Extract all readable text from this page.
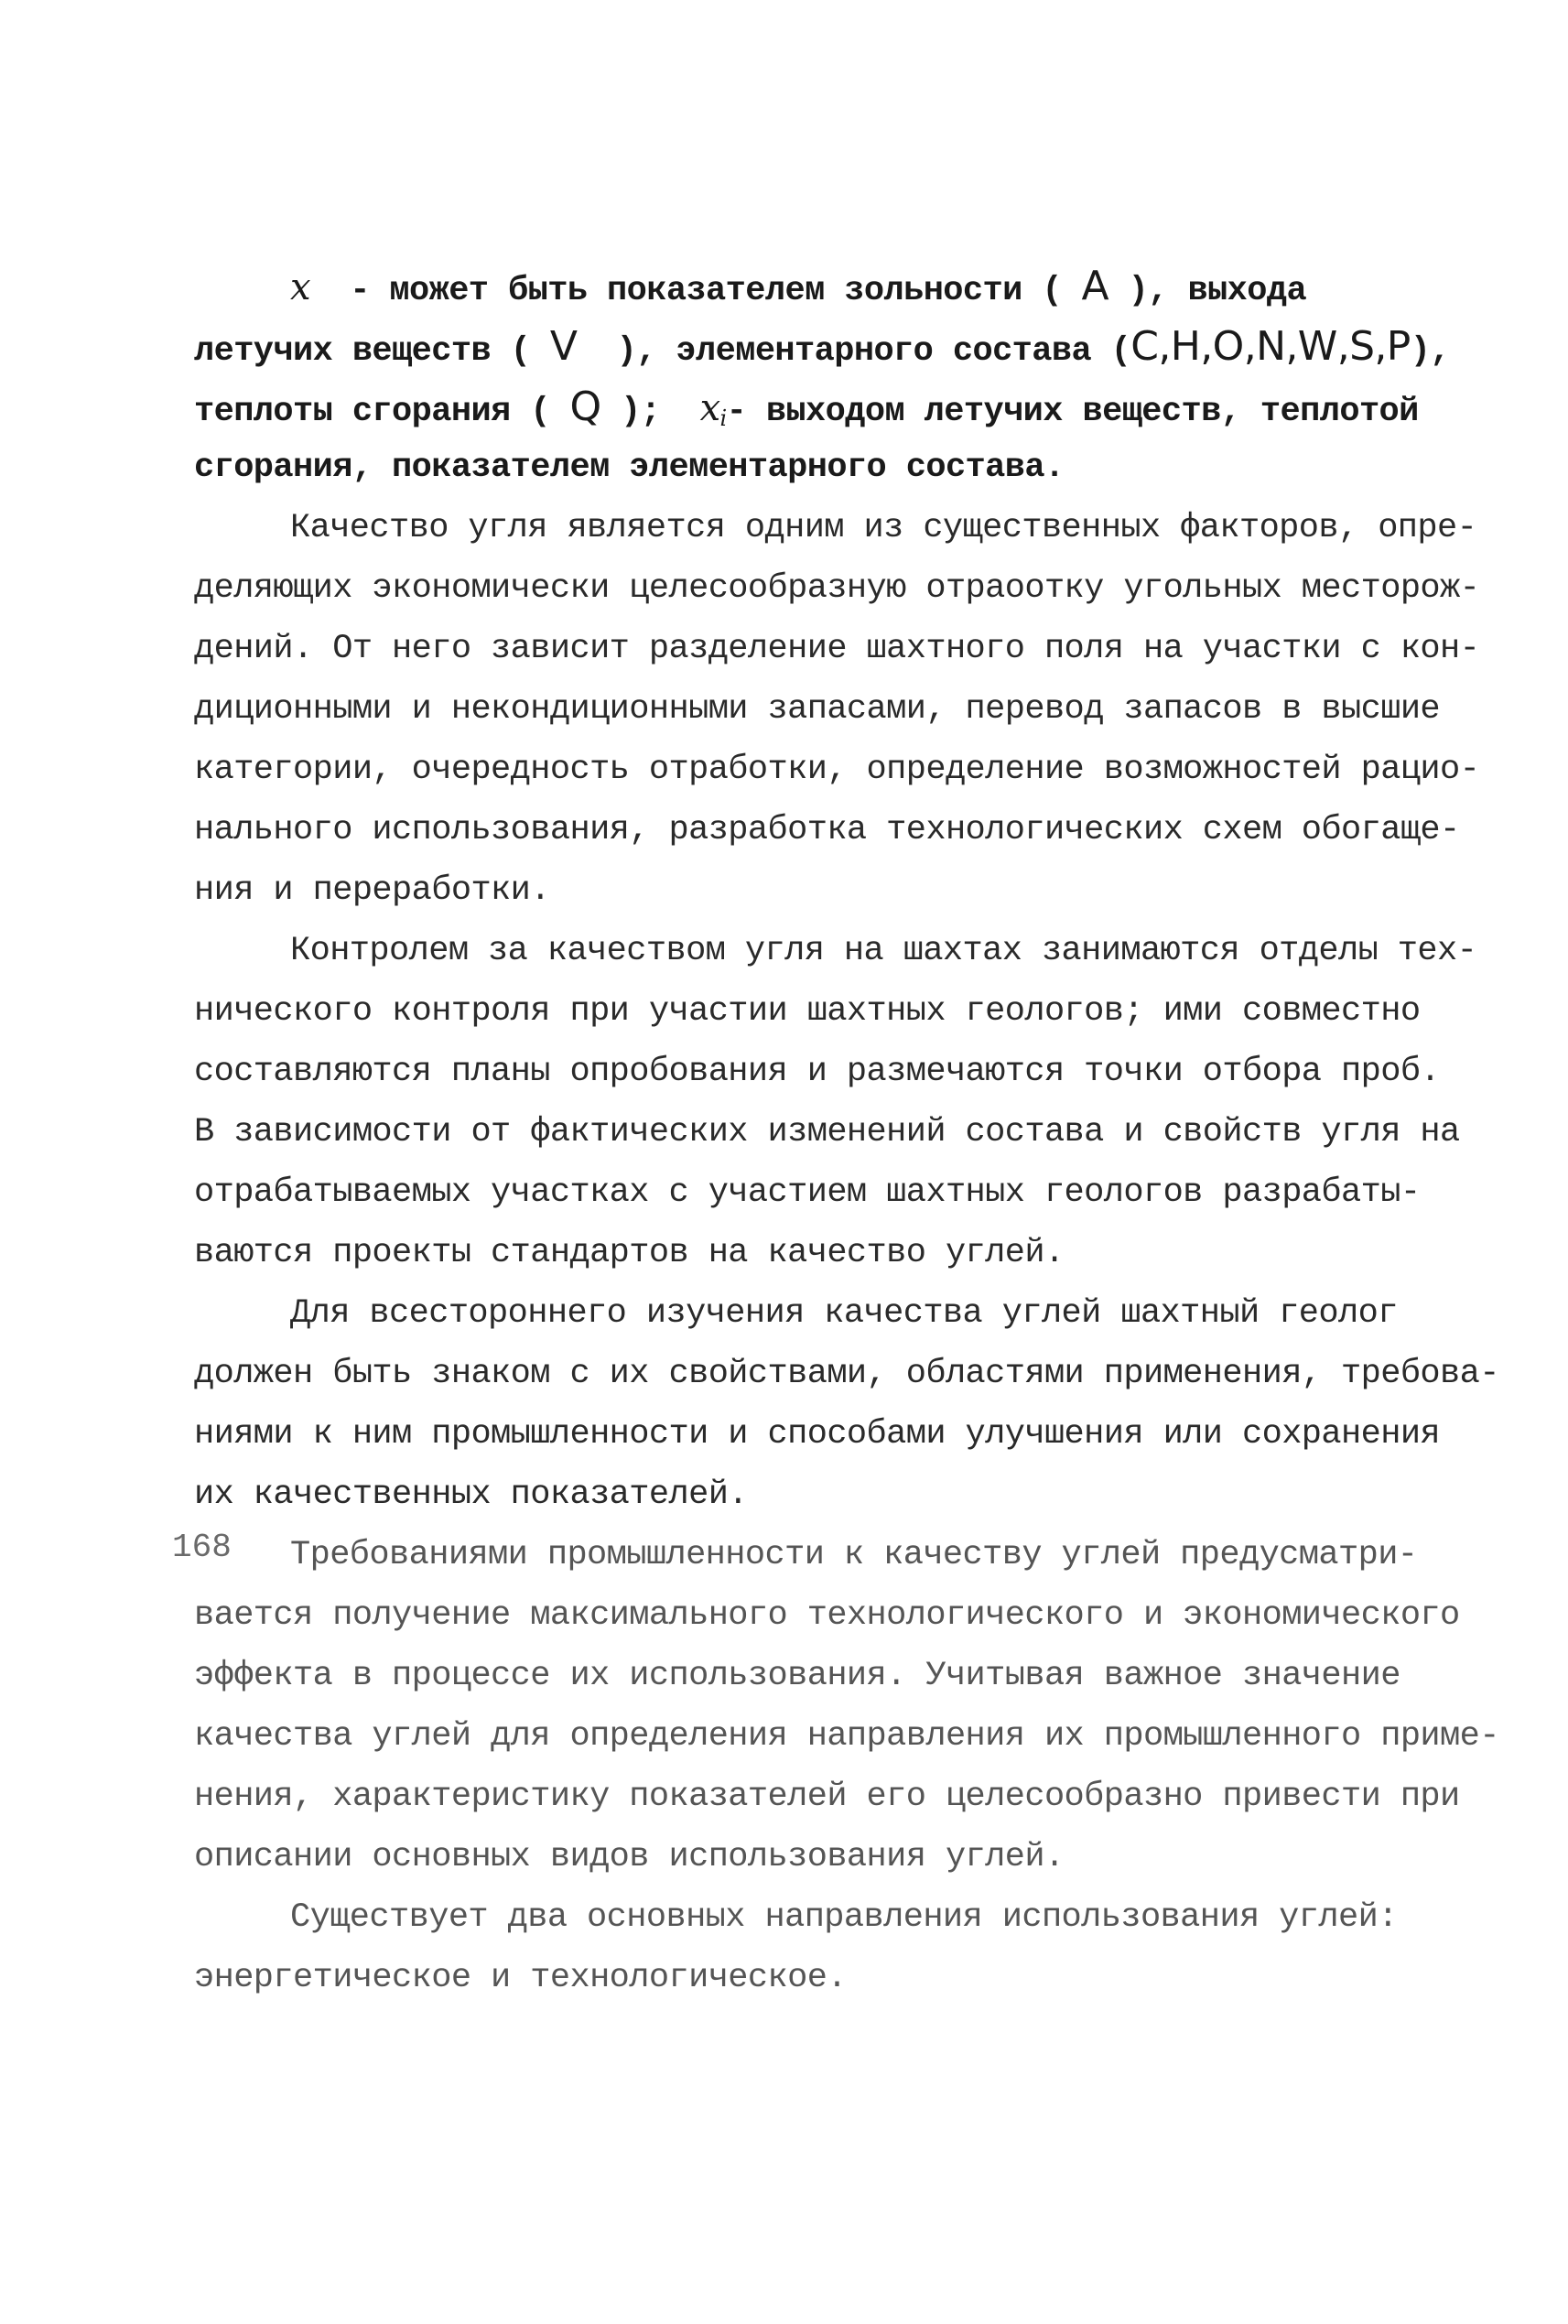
x - может быть показателем зольности ( A ), выхода
летучих веществ ( V ), элементарного состава (C,H,O,N,W,S,P),
теплоты сгорания ( Q ); $x_i-$ выходом летучих веществ, теплотой
сгорания, показателем элементарного состава.
Качество угля является одним из существенных факторов, опре-
деляющих экономически целесообразную отраоотку угольных месторож-
дений. От него зависит разделение шахтного поля на участки с кон-
диционными и некондиционными запасами, перевод запасов в высшие
категории, очередность отработки, определение возможностей рацио-
нального использования, разработка технологических схем обогаще-
ния и переработки.
Контролем за качеством угля на шахтах занимаются отделы тех-
нического контроля при участии шахтных геологов; ими совместно
составляются планы опробования и размечаются точки отбора проб.
В зависимости от фактических изменений состава и свойств угля на
отрабатываемых участках с участием шахтных геологов разрабаты-
ваются проекты стандартов на качество углей.
Для всестороннего изучения качества углей шахтный геолог
должен быть знаком с их свойствами, областями применения, требова-
ниями к ним промышленности и способами улучшения или сохранения
их качественных показателей.
Требованиями промышленности к качеству углей предусматри-
вается получение максимального технологического и экономического
эффекта в процессе их использования. Учитывая важное значение
качества углей для определения направления их промышленного приме-
нения, характеристику показателей его целесообразно привести при
описании основных видов использования углей.
Существует два основных направления использования углей:
энергетическое и технологическое.
168
